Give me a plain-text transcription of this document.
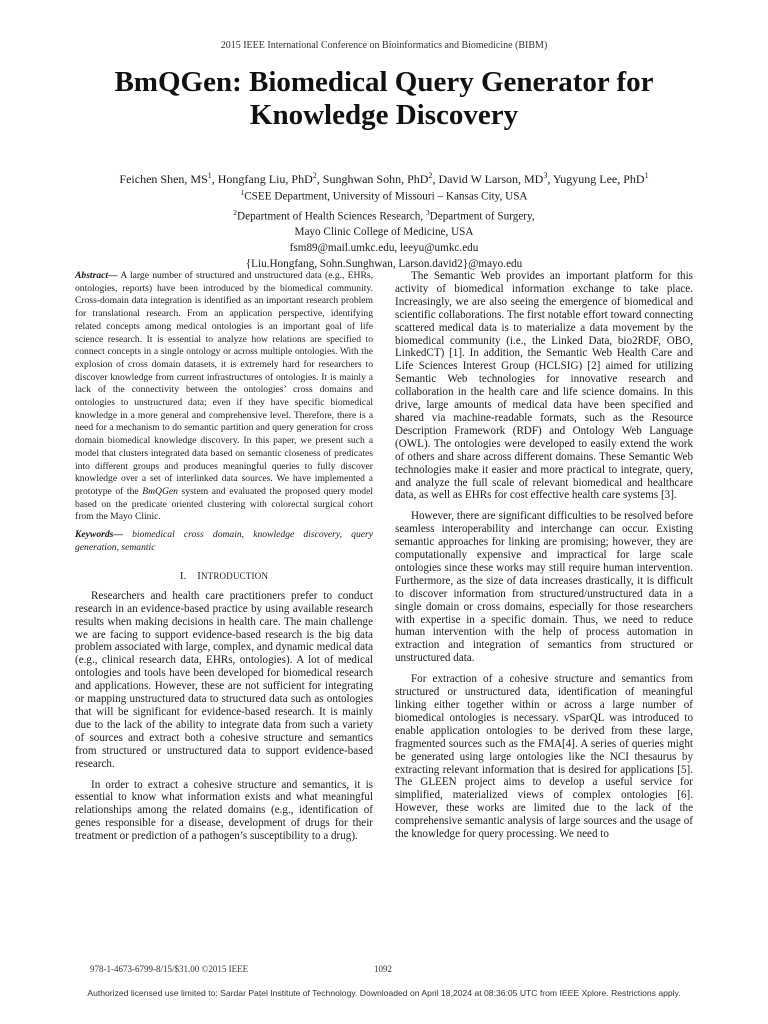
2015 IEEE International Conference on Bioinformatics and Biomedicine (BIBM)
BmQGen: Biomedical Query Generator for Knowledge Discovery
Feichen Shen, $MS^1$, Hongfang Liu, PhD$^2$, Sunghwan Sohn, PhD$^2$, David W Larson, $MD^3$, Yugyung Lee, PhD$^1$
$^1$CSEE Department, University of Missouri – Kansas City, USA
$^2$Department of Health Sciences Research, $^3$Department of Surgery,
Mayo Clinic College of Medicine, USA
fsm89@mail.umkc.edu, leeyu@umkc.edu
{Liu.Hongfang, Sohn.Sunghwan, Larson.david2}@mayo.edu

Abstract— A large number of structured and unstructured data (e.g., EHRs, ontologies, reports) have been introduced by the biomedical community. Cross-domain data integration is identified as an important research problem for translational research. From an application perspective, identifying related concepts among medical ontologies is an important goal of life science research. It is essential to analyze how relations are specified to connect concepts in a single ontology or across multiple ontologies. With the explosion of cross domain datasets, it is extremely hard for researchers to discover knowledge from current infrastructures of ontologies. It is mainly a lack of the connectivity between the ontologies’ cross domains and ontologies to unstructured data; even if they have specific biomedical knowledge in a more general and comprehensive level. Therefore, there is a need for a mechanism to do semantic partition and query generation for cross domain biomedical knowledge discovery. In this paper, we present such a model that clusters integrated data based on semantic closeness of predicates into different groups and produces meaningful queries to fully discover knowledge over a set of interlinked data sources. We have implemented a prototype of the BmQGen system and evaluated the proposed query model based on the predicate oriented clustering with colorectal surgical cohort from the Mayo Clinic.

Keywords— biomedical cross domain, knowledge discovery, query generation, semantic

I. INTRODUCTION

Researchers and health care practitioners prefer to conduct research in an evidence-based practice by using available research results when making decisions in health care. The main challenge we are facing to support evidence-based research is the big data problem associated with large, complex, and dynamic medical data (e.g., clinical research data, EHRs, ontologies). A lot of medical ontologies and tools have been developed for biomedical research and applications. However, these are not sufficient for integrating or mapping unstructured data to structured data such as ontologies that will be significant for evidence-based research. It is mainly due to the lack of the ability to integrate data from such a variety of sources and extract both a cohesive structure and semantics from structured or unstructured data to support evidence-based research.

In order to extract a cohesive structure and semantics, it is essential to know what information exists and what meaningful relationships among the related domains (e.g., identification of genes responsible for a disease, development of drugs for their treatment or prediction of a pathogen’s susceptibility to a drug).

The Semantic Web provides an important platform for this activity of biomedical information exchange to take place. Increasingly, we are also seeing the emergence of biomedical and scientific collaborations. The first notable effort toward connecting scattered medical data is to materialize a data movement by the biomedical community (i.e., the Linked Data, bio2RDF, OBO, LinkedCT) [1]. In addition, the Semantic Web Health Care and Life Sciences Interest Group (HCLSIG) [2] aimed for utilizing Semantic Web technologies for innovative research and collaboration in the health care and life science domains. In this drive, large amounts of medical data have been specified and shared via machine-readable formats, such as the Resource Description Framework (RDF) and Ontology Web Language (OWL). The ontologies were developed to easily extend the work of others and share across different domains. These Semantic Web technologies make it easier and more practical to integrate, query, and analyze the full scale of relevant biomedical and healthcare data, as well as EHRs for cost effective health care systems [3].

However, there are significant difficulties to be resolved before seamless interoperability and interchange can occur. Existing semantic approaches for linking are promising; however, they are computationally expensive and impractical for large scale ontologies since these works may still require human intervention. Furthermore, as the size of data increases drastically, it is difficult to discover information from structured/unstructured data in a single domain or cross domains, especially for those researchers with expertise in a specific domain. Thus, we need to reduce human intervention with the help of process automation in extraction and integration of semantics from structured or unstructured data.

For extraction of a cohesive structure and semantics from structured or unstructured data, identification of meaningful linking either together within or across a large number of biomedical ontologies is necessary. vSparQL was introduced to enable application ontologies to be derived from these large, fragmented sources such as the FMA[4]. A series of queries might be generated using large ontologies like the NCI thesaurus by extracting relevant information that is desired for applications [5]. The GLEEN project aims to develop a useful service for simplified, materialized views of complex ontologies [6]. However, these works are limited due to the lack of the comprehensive semantic analysis of large sources and the usage of the knowledge for query processing. We need to

978-1-4673-6799-8/15/$31.00 ©2015 IEEE	1092
Authorized licensed use limited to: Sardar Patel Institute of Technology. Downloaded on April 18,2024 at 08:36:05 UTC from IEEE Xplore. Restrictions apply.
